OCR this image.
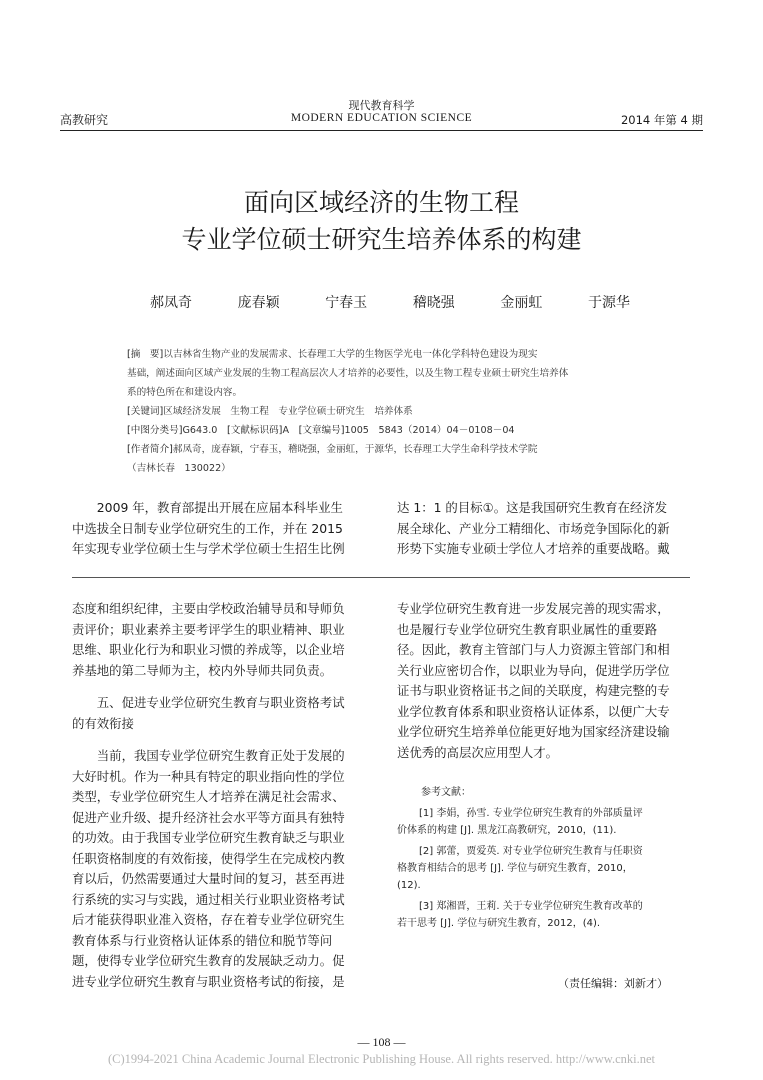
高教研究
现代教育科学
MODERN EDUCATION SCIENCE	2014 年第 4 期
面向区域经济的生物工程
专业学位硕士研究生培养体系的构建
郝凤奇	庞春颖	宁春玉	稽晓强	金丽虹	于源华

[摘　要]以吉林省生物产业的发展需求、长春理工大学的生物医学光电一体化学科特色建设为现实

基础，阐述面向区域产业发展的生物工程高层次人才培养的必要性，以及生物工程专业硕士研究生培养体

系的特色所在和建设内容。

[关键词]区域经济发展　生物工程　专业学位硕士研究生　培养体系

[中图分类号]G643.0　 [文献标识码]A　 [文章编号]1005　5843（2014）04－0108－04

[作者简介]郝凤奇，庞春颖，宁春玉，稽晓强，金丽虹，于源华，长春理工大学生命科学技术学院

（吉林长春　130022）

2009 年，教育部提出开展在应届本科毕业生

中选拔全日制专业学位研究生的工作，并在 2015

年实现专业学位硕士生与学术学位硕士生招生比例

达 1：1 的目标①。这是我国研究生教育在经济发

展全球化、产业分工精细化、市场竞争国际化的新

形势下实施专业硕士学位人才培养的重要战略。戴

态度和组织纪律，主要由学校政治辅导员和导师负

责评价；职业素养主要考评学生的职业精神、职业

思维、职业化行为和职业习惯的养成等，以企业培

养基地的第二导师为主，校内外导师共同负责。

五、促进专业学位研究生教育与职业资格考试

的有效衔接

当前，我国专业学位研究生教育正处于发展的

大好时机。作为一种具有特定的职业指向性的学位

类型，专业学位研究生人才培养在满足社会需求、

促进产业升级、提升经济社会水平等方面具有独特

的功效。由于我国专业学位研究生教育缺乏与职业

任职资格制度的有效衔接，使得学生在完成校内教

育以后，仍然需要通过大量时间的复习，甚至再进

行系统的实习与实践，通过相关行业职业资格考试

后才能获得职业准入资格，存在着专业学位研究生

教育体系与行业资格认证体系的错位和脱节等问

题，使得专业学位研究生教育的发展缺乏动力。促

进专业学位研究生教育与职业资格考试的衔接，是

专业学位研究生教育进一步发展完善的现实需求，

也是履行专业学位研究生教育职业属性的重要路

径。因此，教育主管部门与人力资源主管部门和相

关行业应密切合作，以职业为导向，促进学历学位

证书与职业资格证书之间的关联度，构建完整的专

业学位教育体系和职业资格认证体系，以便广大专

业学位研究生培养单位能更好地为国家经济建设输

送优秀的高层次应用型人才。

参考文献：

[1] 李娟，孙雪. 专业学位研究生教育的外部质量评

价体系的构建 [J]. 黑龙江高教研究，2010，(11).

[2] 郭蕾，贾爱英. 对专业学位研究生教育与任职资

格教育相结合的思考 [J]. 学位与研究生教育，2010，

(12).

[3] 郑湘晋，王莉. 关于专业学位研究生教育改革的

若干思考 [J]. 学位与研究生教育，2012，(4).

（责任编辑：刘新才）
— 108 —
(C)1994-2021 China Academic Journal Electronic Publishing House. All rights reserved. http://www.cnki.net
